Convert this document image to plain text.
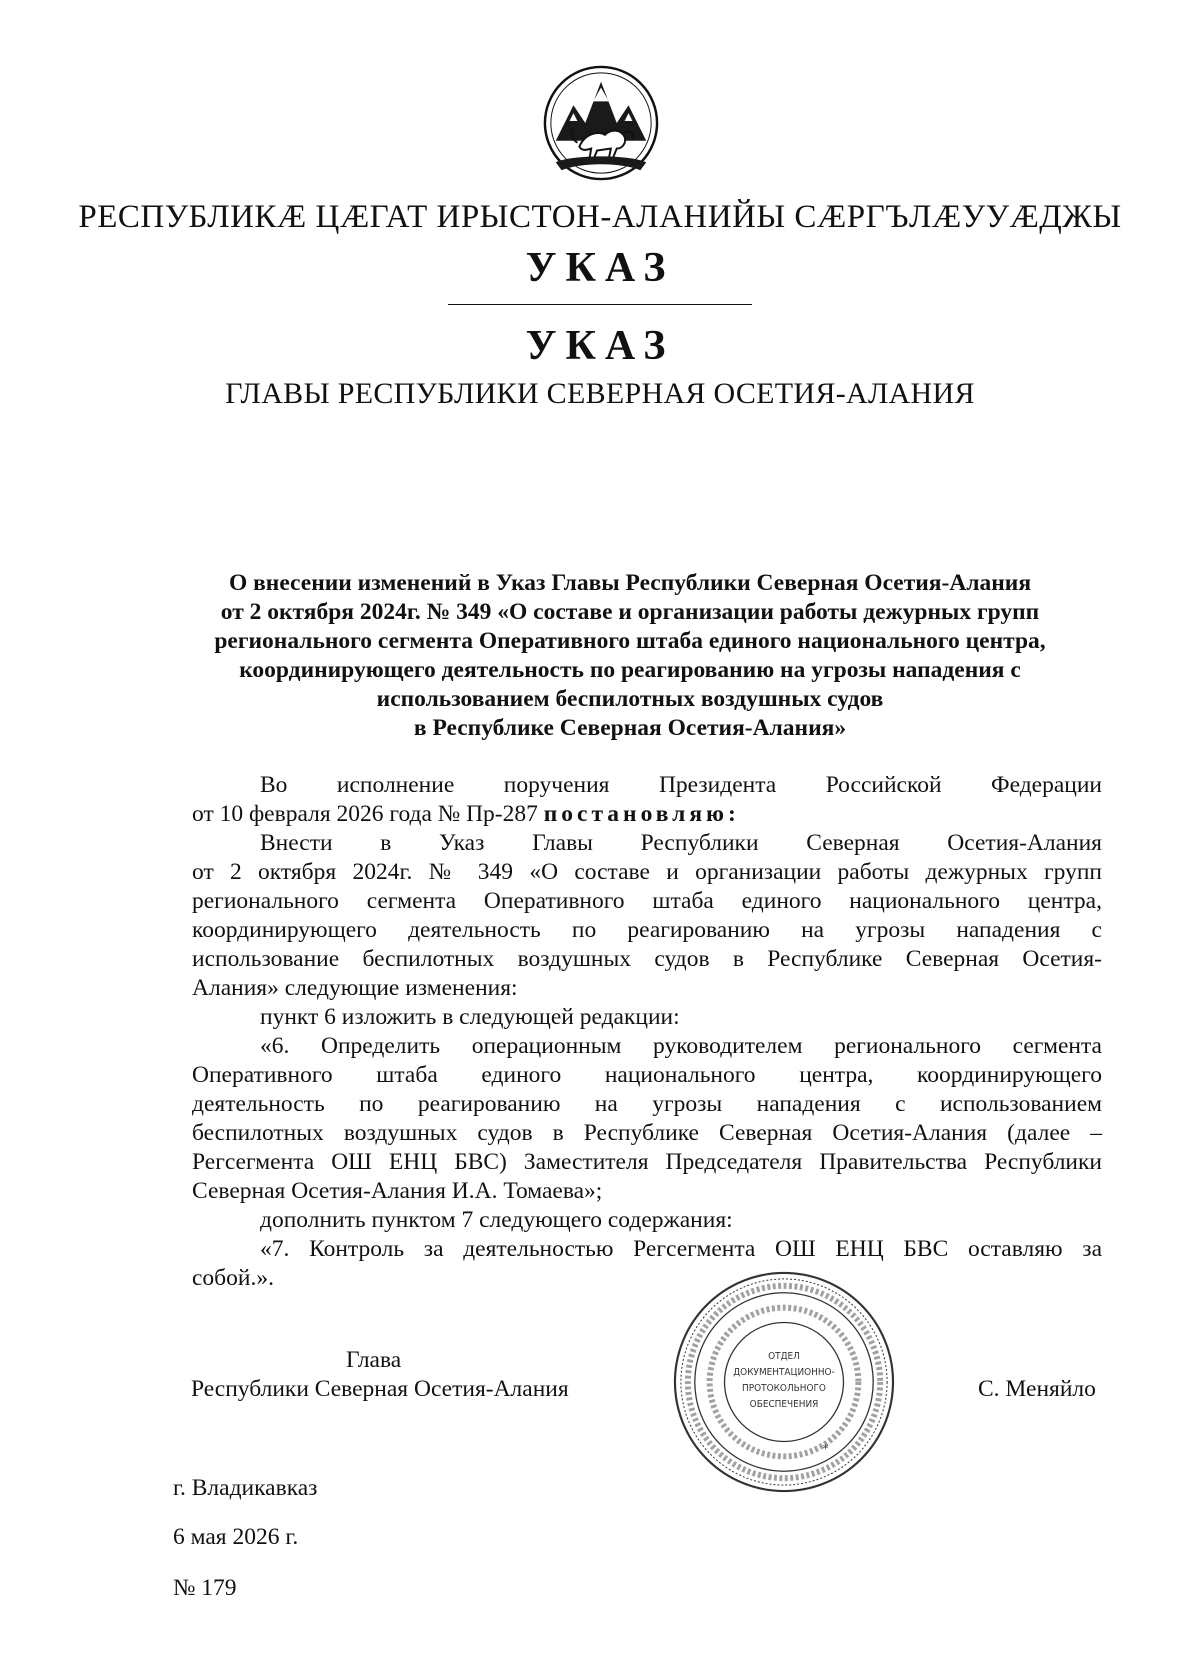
РЕСПУБЛИКӔ ЦӔГАТ ИРЫСТОН-АЛАНИЙЫ СӔРГЪЛӔУУӔДЖЫ
УКАЗ
УКАЗ
ГЛАВЫ РЕСПУБЛИКИ СЕВЕРНАЯ ОСЕТИЯ-АЛАНИЯ
О внесении изменений в Указ Главы Республики Северная Осетия-Алания
от 2 октября 2024г. № 349 «О составе и организации работы дежурных групп
регионального сегмента Оперативного штаба единого национального центра,
координирующего деятельность по реагированию на угрозы нападения с
использованием беспилотных воздушных судов
в Республике Северная Осетия-Алания»
Во исполнение поручения Президента Российской Федерации
от 10 февраля 2026 года № Пр-287 постановляю:
Внести в Указ Главы Республики Северная Осетия-Алания
от 2 октября 2024г. № 349 «О составе и организации работы дежурных групп
регионального сегмента Оперативного штаба единого национального центра,
координирующего деятельность по реагированию на угрозы нападения с
использование беспилотных воздушных судов в Республике Северная Осетия-
Алания» следующие изменения:
пункт 6 изложить в следующей редакции:
«6. Определить операционным руководителем регионального сегмента
Оперативного штаба единого национального центра, координирующего
деятельность по реагированию на угрозы нападения с использованием
беспилотных воздушных судов в Республике Северная Осетия-Алания (далее –
Регсегмента ОШ ЕНЦ БВС) Заместителя Председателя Правительства Республики
Северная Осетия-Алания И.А. Томаева»;
дополнить пунктом 7 следующего содержания:
«7. Контроль за деятельностью Регсегмента ОШ ЕНЦ БВС оставляю за
собой.».
Глава
Республики Северная Осетия-Алания	С. Меняйло
*
ОТДЕЛ
ДОКУМЕНТАЦИОННО-
ПРОТОКОЛЬНОГО
ОБЕСПЕЧЕНИЯ
г. Владикавказ
6 мая 2026 г.
№ 179
